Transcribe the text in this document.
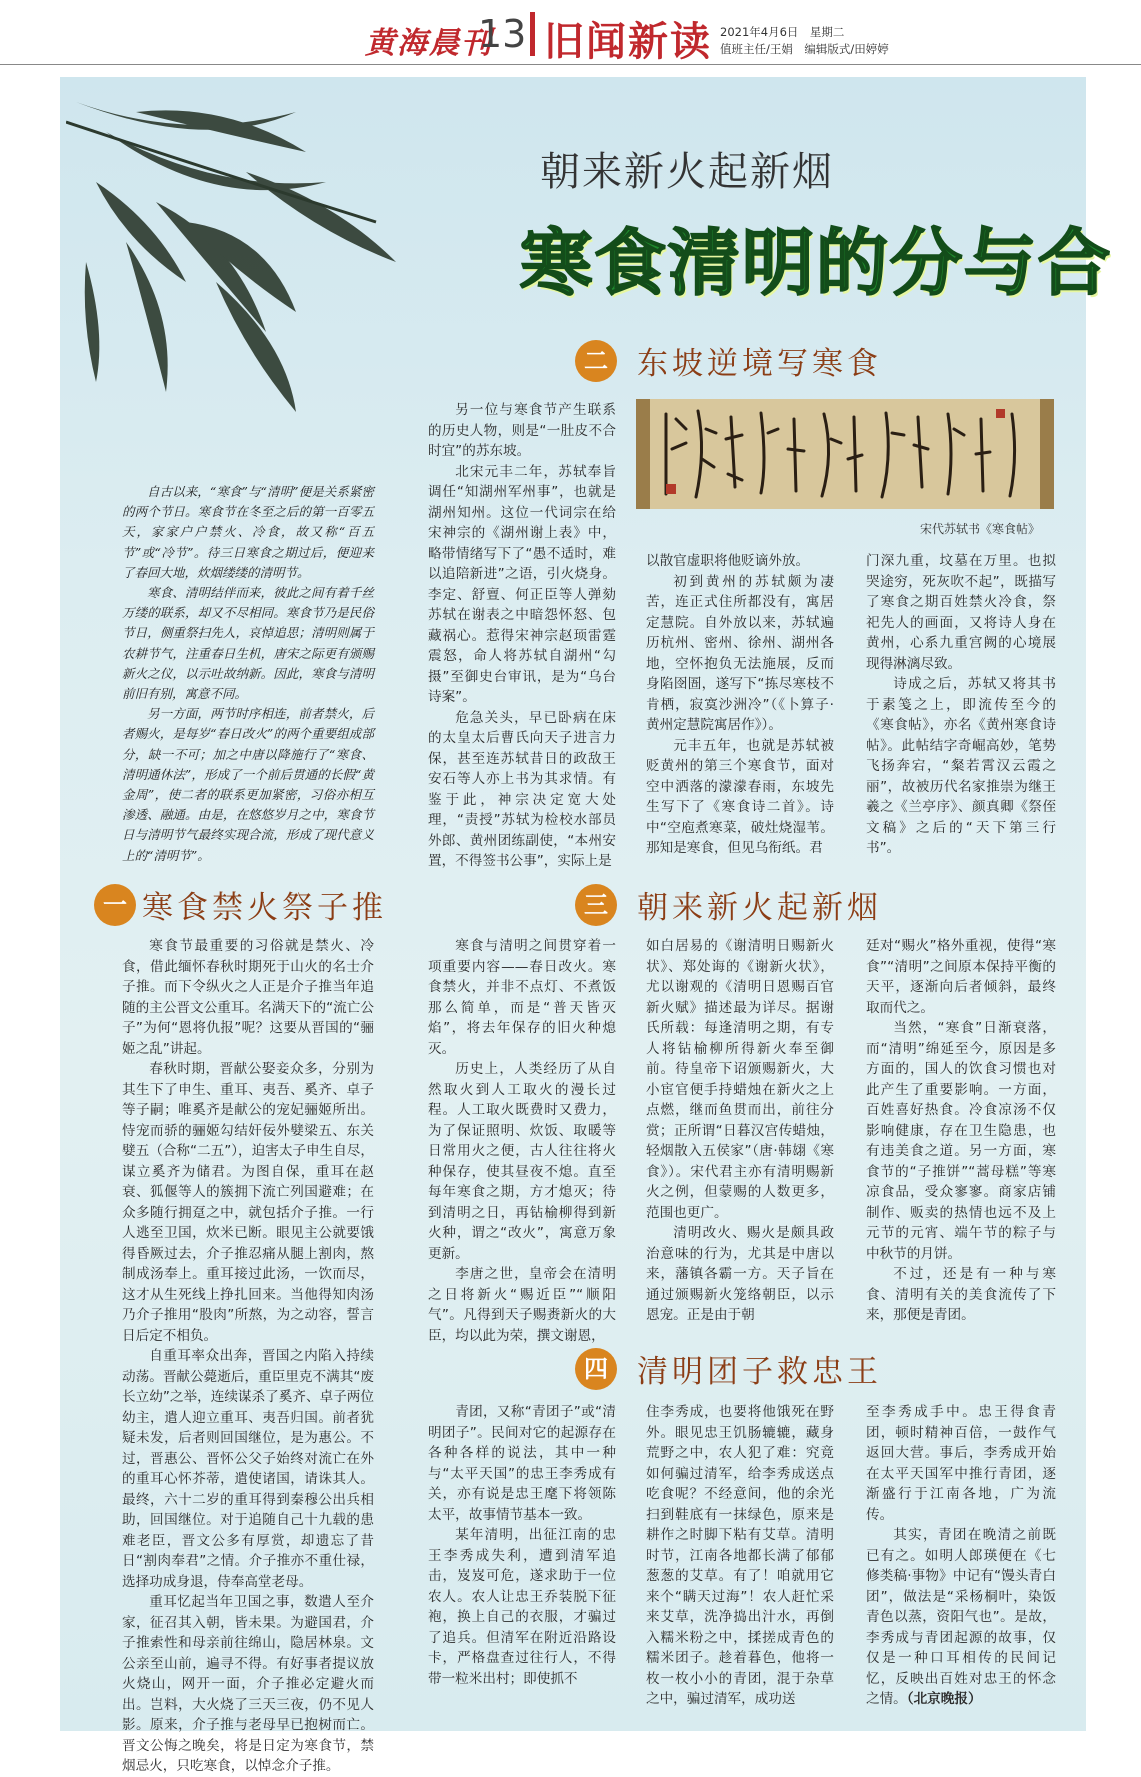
黄海晨刊
13 旧闻新读 2021年4月6日　星期二
值班主任/王娟　编辑版式/田婷婷
朝来新火起新烟
寒食清明的分与合

自古以来，“寒食”与“清明”便是关系紧密的两个节日。寒食节在冬至之后的第一百零五天，家家户户禁火、冷食，故又称“百五节”或“冷节”。待三日寒食之期过后，便迎来了春回大地，炊烟缕缕的清明节。

寒食、清明结伴而来，彼此之间有着千丝万缕的联系，却又不尽相同。寒食节乃是民俗节日，侧重祭扫先人，哀悼追思；清明则属于农耕节气，注重春日生机，唐宋之际更有颁赐新火之仪，以示吐故纳新。因此，寒食与清明前旧有别，寓意不同。

另一方面，两节时序相连，前者禁火，后者赐火，是每岁“春日改火”的两个重要组成部分，缺一不可；加之中唐以降施行了“寒食、清明通休法”，形成了一个前后贯通的长假“黄金周”，使二者的联系更加紧密，习俗亦相互渗透、融通。由是，在悠悠岁月之中，寒食节日与清明节气最终实现合流，形成了现代意义上的“清明节”。

二 东坡逆境写寒食
宋代苏轼书《寒食帖》

另一位与寒食节产生联系的历史人物，则是“一肚皮不合时宜”的苏东坡。

北宋元丰二年，苏轼奉旨调任“知湖州军州事”，也就是湖州知州。这位一代词宗在给宋神宗的《湖州谢上表》中，略带情绪写下了“愚不适时，难以追陪新进”之语，引火烧身。李定、舒亶、何正臣等人弹劾苏轼在谢表之中暗怨怀怒、包藏祸心。惹得宋神宗赵顼雷霆震怒，命人将苏轼自湖州“勾摄”至御史台审讯，是为“乌台诗案”。

危急关头，早已卧病在床的太皇太后曹氏向天子进言力保，甚至连苏轼昔日的政敌王安石等人亦上书为其求情。有鉴于此，神宗决定宽大处理，“责授”苏轼为检校水部员外郎、黄州团练副使，“本州安置，不得签书公事”，实际上是

以散官虚职将他贬谪外放。

初到黄州的苏轼颇为凄苦，连正式住所都没有，寓居定慧院。自外放以来，苏轼遍历杭州、密州、徐州、湖州各地，空怀抱负无法施展，反而身陷囹圄，遂写下“拣尽寒枝不肯栖，寂寞沙洲冷”（《卜算子·黄州定慧院寓居作》）。

元丰五年，也就是苏轼被贬黄州的第三个寒食节，面对空中洒落的濛濛春雨，东坡先生写下了《寒食诗二首》。诗中“空庖煮寒菜，破灶烧湿苇。那知是寒食，但见乌衔纸。君

门深九重，坟墓在万里。也拟哭途穷，死灰吹不起”，既描写了寒食之期百姓禁火冷食，祭祀先人的画面，又将诗人身在黄州，心系九重宫阙的心境展现得淋漓尽致。

诗成之后，苏轼又将其书于素笺之上，即流传至今的《寒食帖》，亦名《黄州寒食诗帖》。此帖结字奇崛高妙，笔势飞扬奔宕，“粲若霄汉云霞之丽”，故被历代名家推崇为继王羲之《兰亭序》、颜真卿《祭侄文稿》之后的“天下第三行书”。

一 寒食禁火祭子推

寒食节最重要的习俗就是禁火、冷食，借此缅怀春秋时期死于山火的名士介子推。而下令纵火之人正是介子推当年追随的主公晋文公重耳。名满天下的“流亡公子”为何“恩将仇报”呢？这要从晋国的“骊姬之乱”讲起。

春秋时期，晋献公娶妾众多，分别为其生下了申生、重耳、夷吾、奚齐、卓子等子嗣；唯奚齐是献公的宠妃骊姬所出。恃宠而骄的骊姬勾结奸佞外嬖梁五、东关嬖五（合称“二五”），迫害太子申生自尽，谋立奚齐为储君。为图自保，重耳在赵衰、狐偃等人的簇拥下流亡列国避难；在众多随行拥趸之中，就包括介子推。一行人逃至卫国，炊米已断。眼见主公就要饿得昏厥过去，介子推忍痛从腿上割肉，熬制成汤奉上。重耳接过此汤，一饮而尽，这才从生死线上挣扎回来。当他得知肉汤乃介子推用“股肉”所熬，为之动容，誓言日后定不相负。

自重耳率众出奔，晋国之内陷入持续动荡。晋献公薨逝后，重臣里克不满其“废长立幼”之举，连续谋杀了奚齐、卓子两位幼主，遣人迎立重耳、夷吾归国。前者犹疑未发，后者则回国继位，是为惠公。不过，晋惠公、晋怀公父子始终对流亡在外的重耳心怀芥蒂，遣使诸国，请诛其人。最终，六十二岁的重耳得到秦穆公出兵相助，回国继位。对于追随自己十九载的患难老臣，晋文公多有厚赏，却遗忘了昔日“割肉奉君”之情。介子推亦不重仕禄，选择功成身退，侍奉高堂老母。

重耳忆起当年卫国之事，数遣人至介家，征召其入朝，皆未果。为避国君，介子推索性和母亲前往绵山，隐居林泉。文公亲至山前，遍寻不得。有好事者提议放火烧山，网开一面，介子推必定避火而出。岂料，大火烧了三天三夜，仍不见人影。原来，介子推与老母早已抱树而亡。晋文公悔之晚矣，将是日定为寒食节，禁烟忌火，只吃寒食，以悼念介子推。

三 朝来新火起新烟

寒食与清明之间贯穿着一项重要内容——春日改火。寒食禁火，并非不点灯、不煮饭那么简单，而是“普天皆灭焰”，将去年保存的旧火种熄灭。

历史上，人类经历了从自然取火到人工取火的漫长过程。人工取火既费时又费力，为了保证照明、炊饭、取暖等日常用火之便，古人往往将火种保存，使其昼夜不熄。直至每年寒食之期，方才熄灭；待到清明之日，再钻榆柳得到新火种，谓之“改火”，寓意万象更新。

李唐之世，皇帝会在清明之日将新火“赐近臣”“顺阳气”。凡得到天子赐赉新火的大臣，均以此为荣，撰文谢恩，

如白居易的《谢清明日赐新火状》、郑处诲的《谢新火状》，尤以谢观的《清明日恩赐百官新火赋》描述最为详尽。据谢氏所载：每逢清明之期，有专人将钻榆柳所得新火奉至御前。待皇帝下诏颁赐新火，大小宦官便手持蜡烛在新火之上点燃，继而鱼贯而出，前往分赏；正所谓“日暮汉宫传蜡烛，轻烟散入五侯家”（唐·韩翃《寒食》）。宋代君主亦有清明赐新火之例，但蒙赐的人数更多，范围也更广。

清明改火、赐火是颇具政治意味的行为，尤其是中唐以来，藩镇各霸一方。天子旨在通过颁赐新火笼络朝臣，以示恩宠。正是由于朝

廷对“赐火”格外重视，使得“寒食”“清明”之间原本保持平衡的天平，逐渐向后者倾斜，最终取而代之。

当然，“寒食”日渐衰落，而“清明”绵延至今，原因是多方面的，国人的饮食习惯也对此产生了重要影响。一方面，百姓喜好热食。冷食凉汤不仅影响健康，存在卫生隐患，也有违美食之道。另一方面，寒食节的“子推饼”“蒿母糕”等寒凉食品，受众寥寥。商家店铺制作、贩卖的热情也远不及上元节的元宵、端午节的粽子与中秋节的月饼。

不过，还是有一种与寒食、清明有关的美食流传了下来，那便是青团。

四 清明团子救忠王

青团，又称“青团子”或“清明团子”。民间对它的起源存在各种各样的说法，其中一种与“太平天国”的忠王李秀成有关，亦有说是忠王麾下将领陈太平，故事情节基本一致。

某年清明，出征江南的忠王李秀成失利，遭到清军追击，岌岌可危，遂求助于一位农人。农人让忠王乔装脱下征袍，换上自己的衣服，才骗过了追兵。但清军在附近沿路设卡，严格盘查过往行人，不得带一粒米出村；即使抓不

住李秀成，也要将他饿死在野外。眼见忠王饥肠辘辘，藏身荒野之中，农人犯了难：究竟如何骗过清军，给李秀成送点吃食呢？不经意间，他的余光扫到鞋底有一抹绿色，原来是耕作之时脚下粘有艾草。清明时节，江南各地都长满了郁郁葱葱的艾草。有了！咱就用它来个“瞒天过海”！农人赶忙采来艾草，洗净捣出汁水，再倒入糯米粉之中，揉搓成青色的糯米团子。趁着暮色，他将一枚一枚小小的青团，混于杂草之中，骗过清军，成功送

至李秀成手中。忠王得食青团，顿时精神百倍，一鼓作气返回大营。事后，李秀成开始在太平天国军中推行青团，逐渐盛行于江南各地，广为流传。

其实，青团在晚清之前既已有之。如明人郎瑛便在《七修类稿·事物》中记有“馒头青白团”，做法是“采杨桐叶，染饭青色以蒸，资阳气也”。是故，李秀成与青团起源的故事，仅仅是一种口耳相传的民间记忆，反映出百姓对忠王的怀念之情。（北京晚报）
